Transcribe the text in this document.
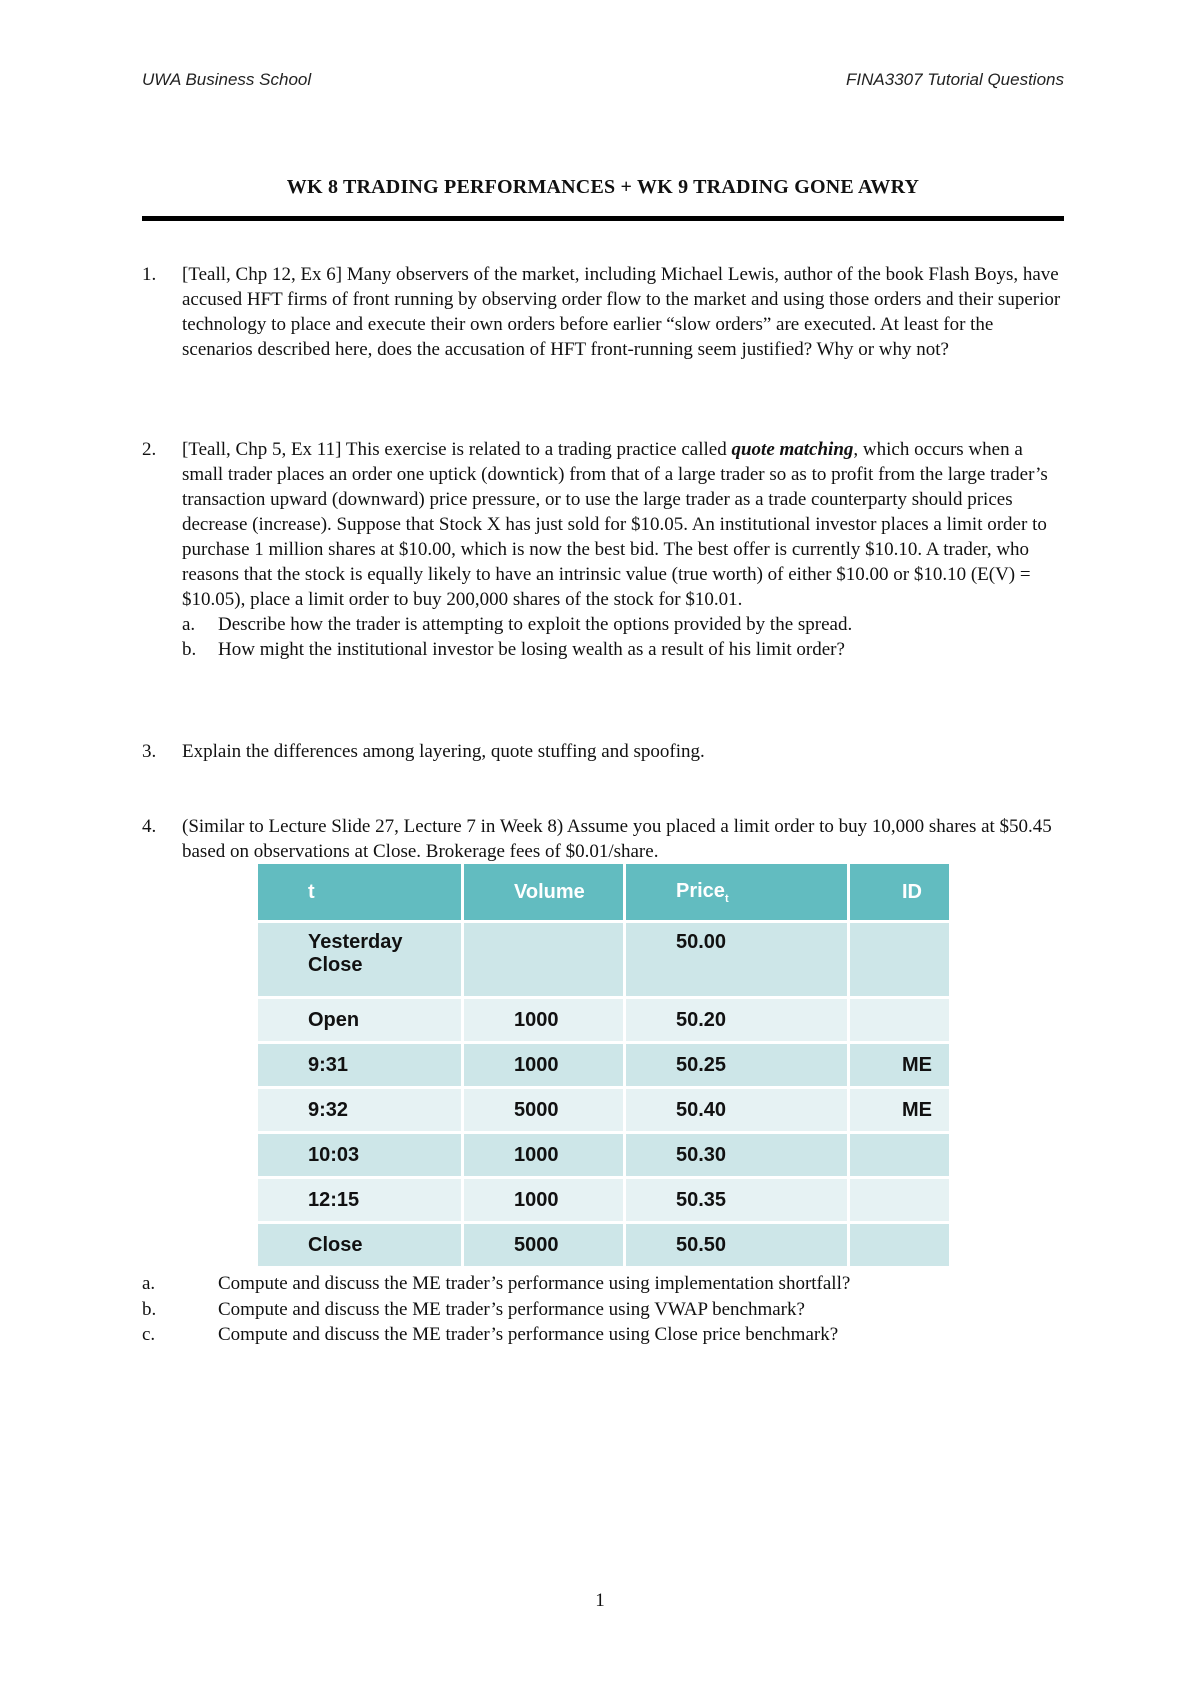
UWA Business School	FINA3307 Tutorial Questions
WK 8 TRADING PERFORMANCES + WK 9 TRADING GONE AWRY
1. [Teall, Chp 12, Ex 6] Many observers of the market, including Michael Lewis, author of the book Flash Boys, have accused HFT firms of front running by observing order flow to the market and using those orders and their superior technology to place and execute their own orders before earlier “slow orders” are executed. At least for the scenarios described here, does the accusation of HFT front-running seem justified? Why or why not?
2. [Teall, Chp 5, Ex 11] This exercise is related to a trading practice called quote matching, which occurs when a small trader places an order one uptick (downtick) from that of a large trader so as to profit from the large trader’s transaction upward (downward) price pressure, or to use the large trader as a trade counterparty should prices decrease (increase). Suppose that Stock X has just sold for $10.05. An institutional investor places a limit order to purchase 1 million shares at $10.00, which is now the best bid. The best offer is currently $10.10. A trader, who reasons that the stock is equally likely to have an intrinsic value (true worth) of either $10.00 or $10.10 (E(V) = $10.05), place a limit order to buy 200,000 shares of the stock for $10.01.
a. Describe how the trader is attempting to exploit the options provided by the spread.
b. How might the institutional investor be losing wealth as a result of his limit order?
3. Explain the differences among layering, quote stuffing and spoofing.
4. (Similar to Lecture Slide 27, Lecture 7 in Week 8) Assume you placed a limit order to buy 10,000 shares at $50.45 based on observations at Close. Brokerage fees of $0.01/share.
t	Volume	Price$_t$	ID
Yesterday Close		50.00	
Open	1000	50.20	
9:31	1000	50.25	ME
9:32	5000	50.40	ME
10:03	1000	50.30	
12:15	1000	50.35	
Close	5000	50.50	
a.	Compute and discuss the ME trader’s performance using implementation shortfall?
b.	Compute and discuss the ME trader’s performance using VWAP benchmark?
c.	Compute and discuss the ME trader’s performance using Close price benchmark?
1
